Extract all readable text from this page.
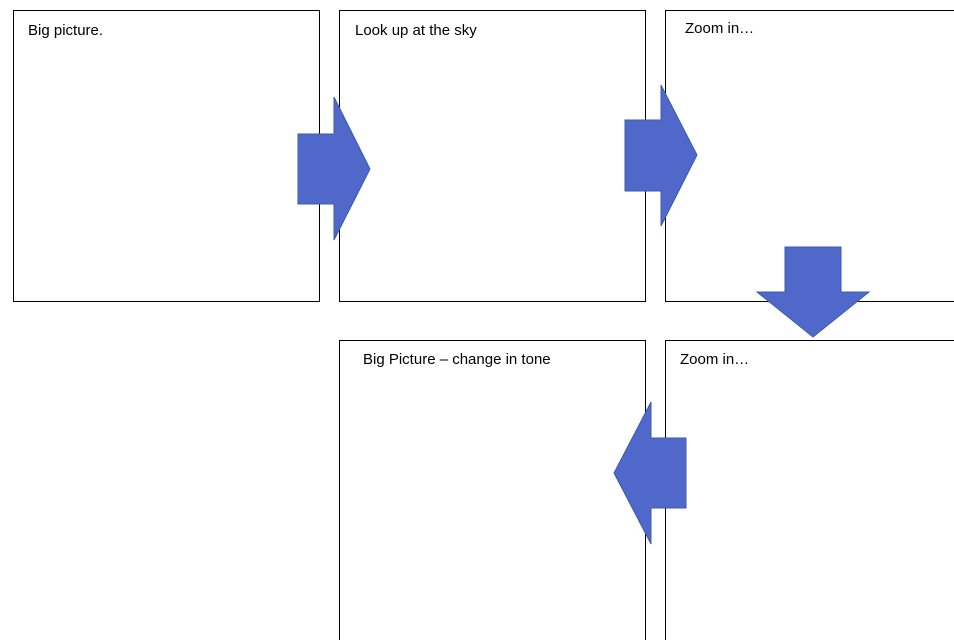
Big picture.	Look up at the sky	Zoom in…
Big Picture – change in tone	Zoom in…
